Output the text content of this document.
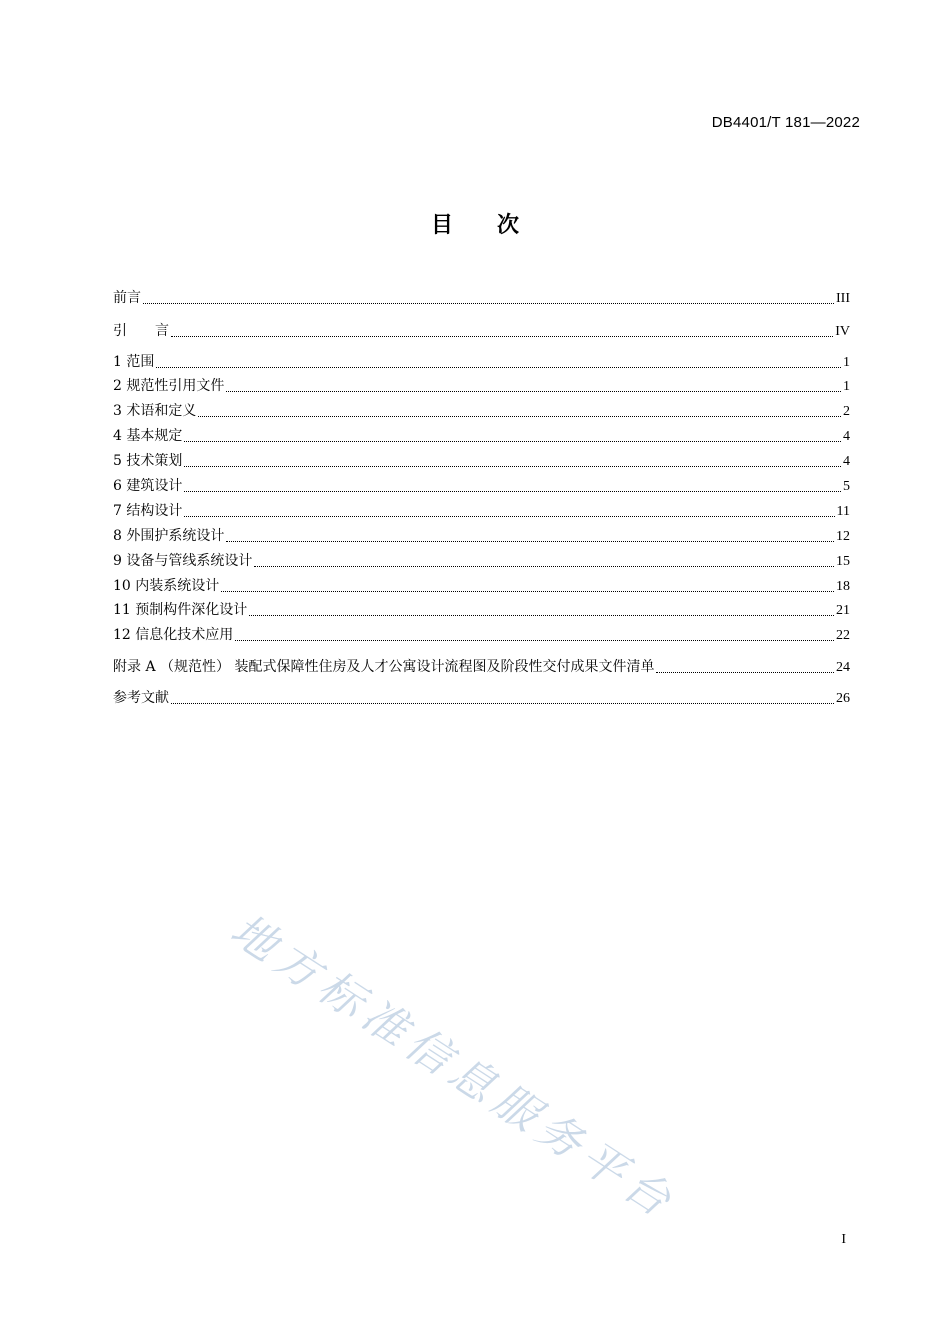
DB4401/T 181—2022
目 次
前言	III
引　　言	IV
1 范围	1
2 规范性引用文件	1
3 术语和定义	2
4 基本规定	4
5 技术策划	4
6 建筑设计	5
7 结构设计	11
8 外围护系统设计	12
9 设备与管线系统设计	15
10 内装系统设计	18
11 预制构件深化设计	21
12 信息化技术应用	22
附录 A （规范性） 装配式保障性住房及人才公寓设计流程图及阶段性交付成果文件清单	24
参考文献	26
地方标准信息服务平台
I
